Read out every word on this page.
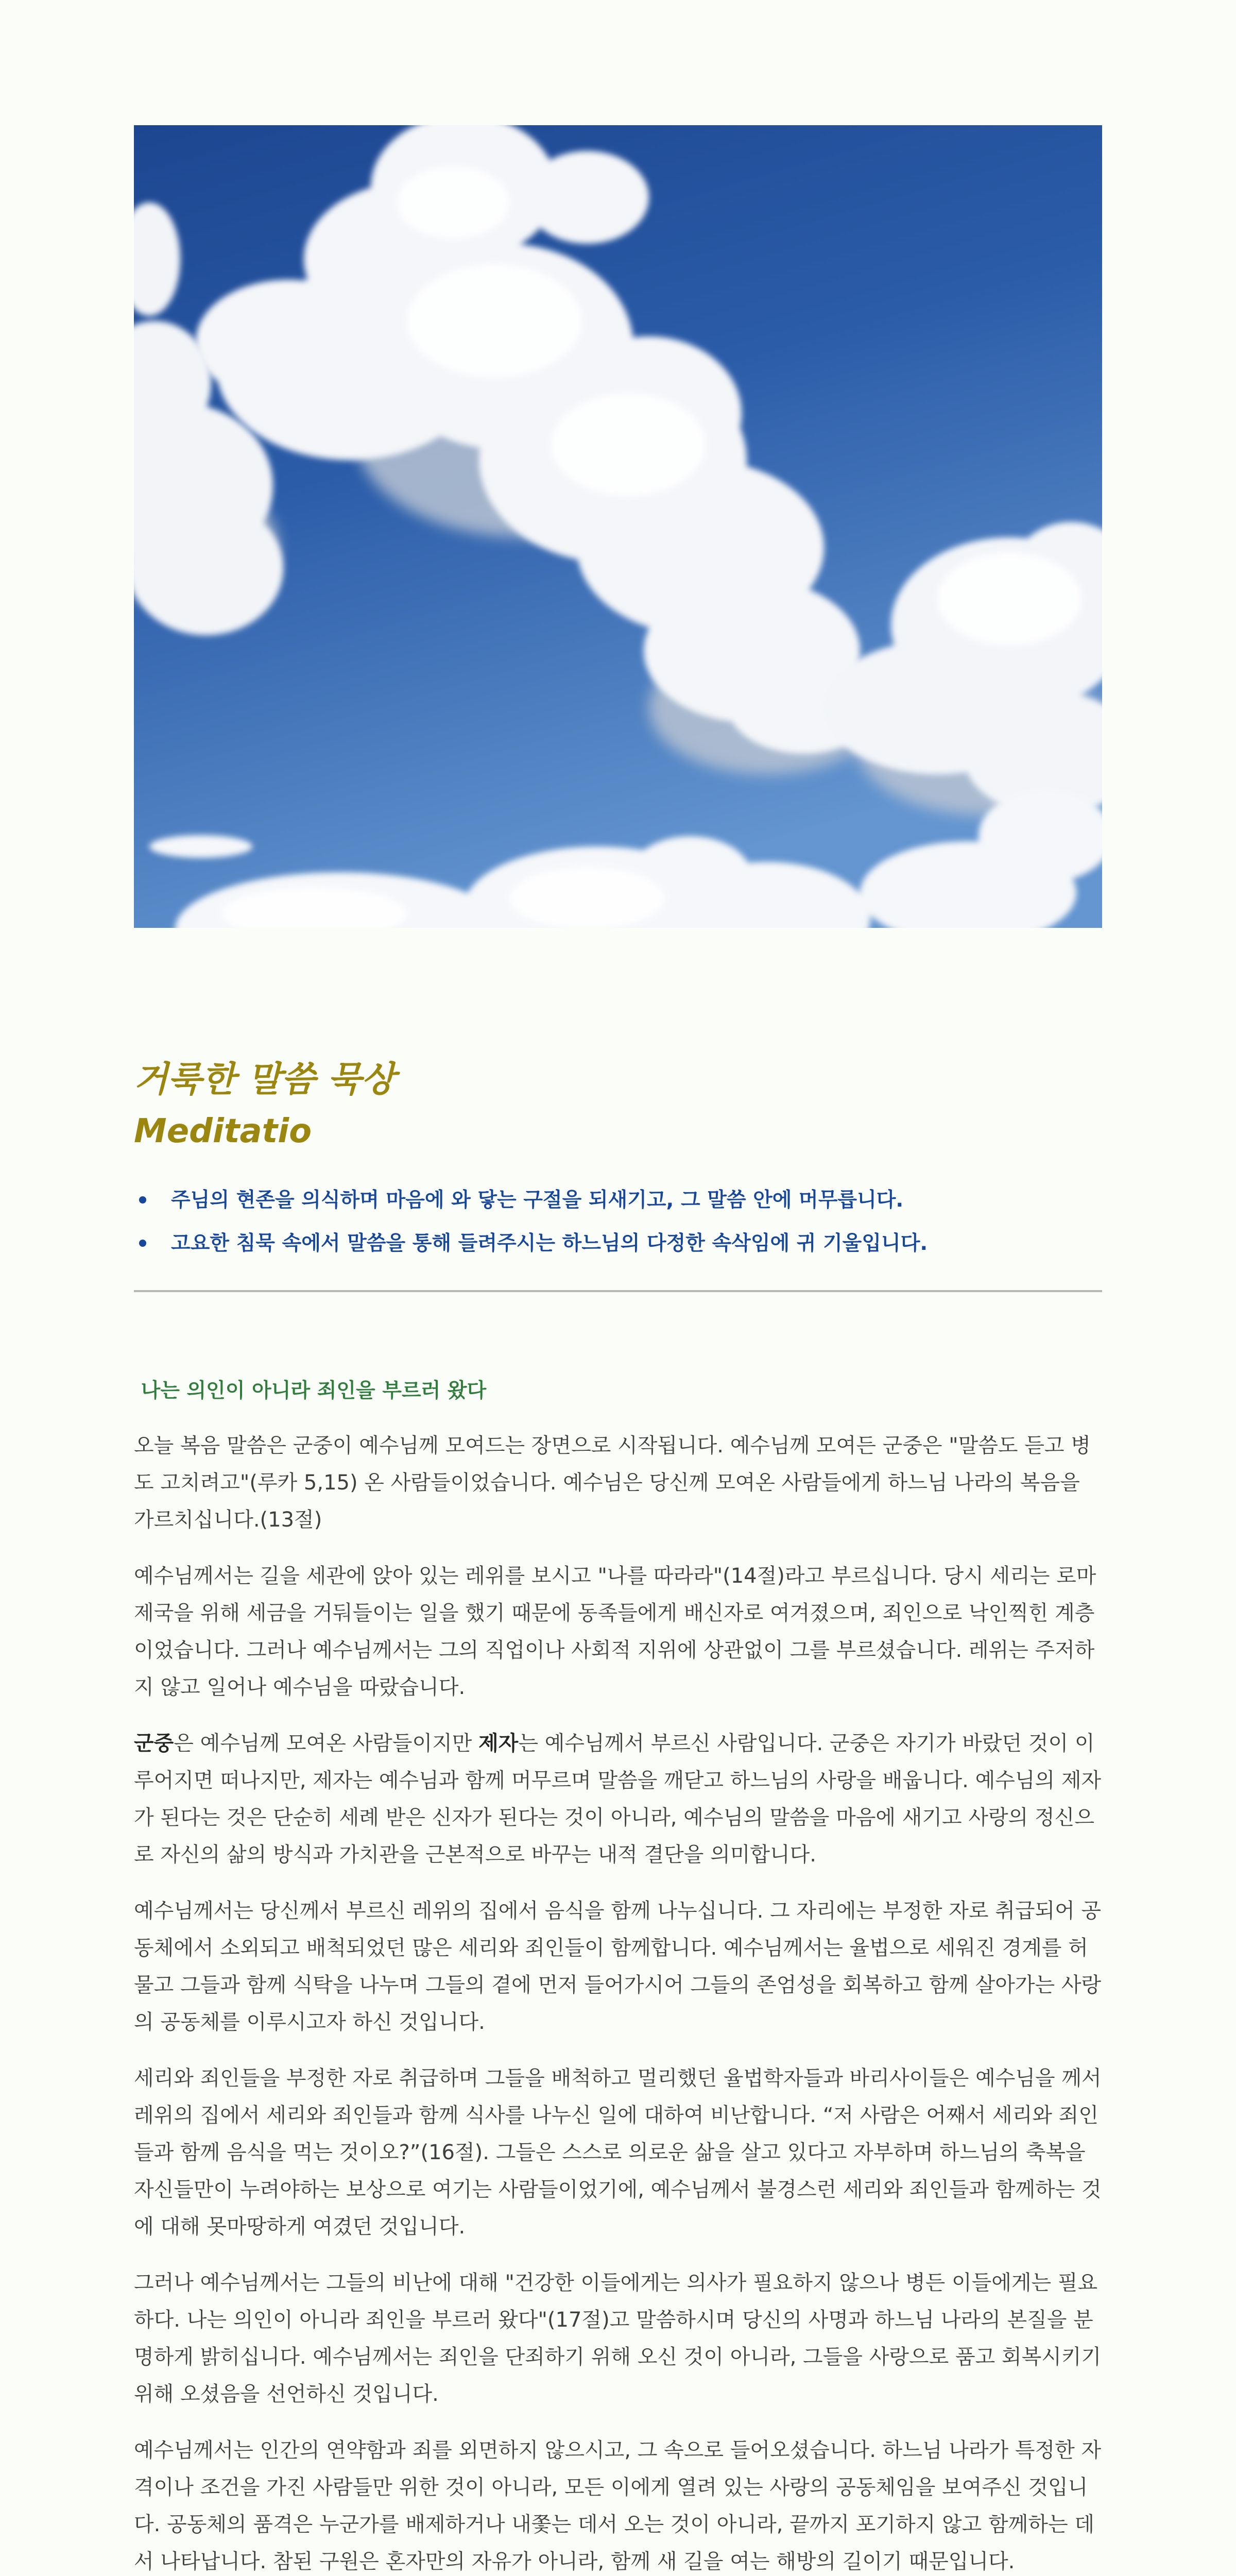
거룩한 말씀 묵상
Meditatio
주님의 현존을 의식하며 마음에 와 닿는 구절을 되새기고, 그 말씀 안에 머무릅니다.
고요한 침묵 속에서 말씀을 통해 들려주시는 하느님의 다정한 속삭임에 귀 기울입니다.
￼ 나는 의인이 아니라 죄인을 부르러 왔다 ￼

오늘 복음 말씀은 군중이 예수님께 모여드는 장면으로 시작됩니다. 예수님께 모여든 군중은 "말씀도 듣고 병도 고치려고"(루카 5,15) 온 사람들이었습니다. 예수님은 당신께 모여온 사람들에게 하느님 나라의 복음을 가르치십니다.(13절)

예수님께서는 길을 세관에 앉아 있는 레위를 보시고 "나를 따라라"(14절)라고 부르십니다. 당시 세리는 로마 제국을 위해 세금을 거둬들이는 일을 했기 때문에 동족들에게 배신자로 여겨졌으며, 죄인으로 낙인찍힌 계층이었습니다. 그러나 예수님께서는 그의 직업이나 사회적 지위에 상관없이 그를 부르셨습니다. 레위는 주저하지 않고 일어나 예수님을 따랐습니다.

군중은 예수님께 모여온 사람들이지만 제자는 예수님께서 부르신 사람입니다. 군중은 자기가 바랐던 것이 이루어지면 떠나지만, 제자는 예수님과 함께 머무르며 말씀을 깨닫고 하느님의 사랑을 배웁니다. 예수님의 제자가 된다는 것은 단순히 세례 받은 신자가 된다는 것이 아니라, 예수님의 말씀을 마음에 새기고 사랑의 정신으로 자신의 삶의 방식과 가치관을 근본적으로 바꾸는 내적 결단을 의미합니다.

예수님께서는 당신께서 부르신 레위의 집에서 음식을 함께 나누십니다. 그 자리에는 부정한 자로 취급되어 공동체에서 소외되고 배척되었던 많은 세리와 죄인들이 함께합니다. 예수님께서는 율법으로 세워진 경계를 허물고 그들과 함께 식탁을 나누며 그들의 곁에 먼저 들어가시어 그들의 존엄성을 회복하고 함께 살아가는 사랑의 공동체를 이루시고자 하신 것입니다.

세리와 죄인들을 부정한 자로 취급하며 그들을 배척하고 멀리했던 율법학자들과 바리사이들은 예수님을 께서 레위의 집에서 세리와 죄인들과 함께 식사를 나누신 일에 대하여 비난합니다. “저 사람은 어째서 세리와 죄인들과 함께 음식을 먹는 것이오?”(16절). 그들은 스스로 의로운 삶을 살고 있다고 자부하며 하느님의 축복을 자신들만이 누려야하는 보상으로 여기는 사람들이었기에, 예수님께서 불경스런 세리와 죄인들과 함께하는 것에 대해 못마땅하게 여겼던 것입니다.

그러나 예수님께서는 그들의 비난에 대해 "건강한 이들에게는 의사가 필요하지 않으나 병든 이들에게는 필요하다. 나는 의인이 아니라 죄인을 부르러 왔다"(17절)고 말씀하시며 당신의 사명과 하느님 나라의 본질을 분명하게 밝히십니다. 예수님께서는 죄인을 단죄하기 위해 오신 것이 아니라, 그들을 사랑으로 품고 회복시키기 위해 오셨음을 선언하신 것입니다.

예수님께서는 인간의 연약함과 죄를 외면하지 않으시고, 그 속으로 들어오셨습니다. 하느님 나라가 특정한 자격이나 조건을 가진 사람들만 위한 것이 아니라, 모든 이에게 열려 있는 사랑의 공동체임을 보여주신 것입니다. 공동체의 품격은 누군가를 배제하거나 내쫓는 데서 오는 것이 아니라, 끝까지 포기하지 않고 함께하는 데서 나타납니다. 참된 구원은 혼자만의 자유가 아니라, 함께 새 길을 여는 해방의 길이기 때문입니다.
